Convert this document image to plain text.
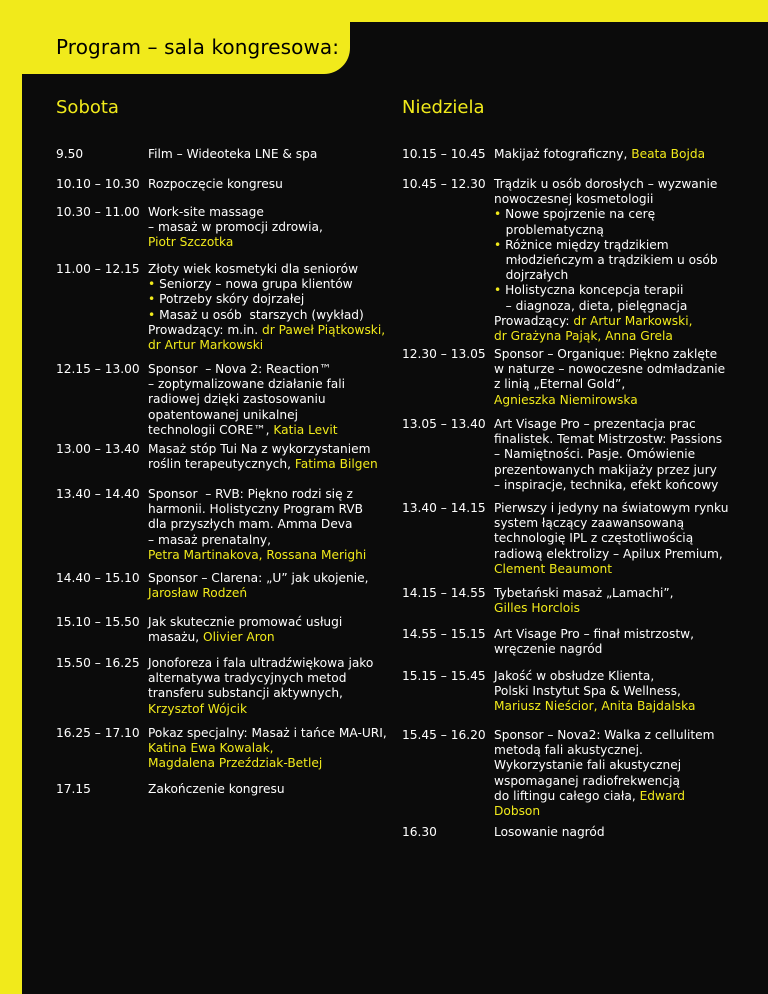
Program – sala kongresowa:
Sobota	Niedziela
9.50	Film – Wideoteka LNE & spa
10.10 – 10.30 Rozpoczęcie kongresu
10.30 – 11.00 Work-site massage
– masaż w promocji zdrowia,
Piotr Szczotka
11.00 – 12.15 Złoty wiek kosmetyki dla seniorów
• Seniorzy – nowa grupa klientów
• Potrzeby skóry dojrzałej
• Masaż u osób  starszych (wykład)
Prowadzący: m.in. dr Paweł Piątkowski,
dr Artur Markowski
12.15 – 13.00 Sponsor  – Nova 2: Reaction™
– zoptymalizowane działanie fali
radiowej dzięki zastosowaniu
opatentowanej unikalnej
technologii CORE™, Katia Levit
13.00 – 13.40 Masaż stóp Tui Na z wykorzystaniem
roślin terapeutycznych, Fatima Bilgen
13.40 – 14.40 Sponsor  – RVB: Piękno rodzi się z
harmonii. Holistyczny Program RVB
dla przyszłych mam. Amma Deva
– masaż prenatalny,
Petra Martinakova, Rossana Merighi
14.40 – 15.10 Sponsor – Clarena: „U” jak ukojenie,
Jarosław Rodzeń
15.10 – 15.50 Jak skutecznie promować usługi
masażu, Olivier Aron
15.50 – 16.25 Jonoforeza i fala ultradźwiękowa jako
alternatywa tradycyjnych metod
transferu substancji aktywnych,
Krzysztof Wójcik
16.25 – 17.10 Pokaz specjalny: Masaż i tańce MA-URI,
Katina Ewa Kowalak,
Magdalena Przeździak-Betlej
17.15	Zakończenie kongresu
10.15 – 10.45 Makijaż fotograficzny, Beata Bojda
10.45 – 12.30 Trądzik u osób dorosłych – wyzwanie
nowoczesnej kosmetologii
• Nowe spojrzenie na cerę
problematyczną
• Różnice między trądzikiem
młodzieńczym a trądzikiem u osób
dojrzałych
• Holistyczna koncepcja terapii
– diagnoza, dieta, pielęgnacja
Prowadzący: dr Artur Markowski,
dr Grażyna Pająk, Anna Grela
12.30 – 13.05 Sponsor – Organique: Piękno zaklęte
w naturze – nowoczesne odmładzanie
z linią „Eternal Gold”,
Agnieszka Niemirowska
13.05 – 13.40 Art Visage Pro – prezentacja prac
finalistek. Temat Mistrzostw: Passions
– Namiętności. Pasje. Omówienie
prezentowanych makijaży przez jury
– inspiracje, technika, efekt końcowy
13.40 – 14.15 Pierwszy i jedyny na światowym rynku
system łączący zaawansowaną
technologię IPL z częstotliwością
radiową elektrolizy – Apilux Premium,
Clement Beaumont
14.15 – 14.55 Tybetański masaż „Lamachi”,
Gilles Horclois
14.55 – 15.15 Art Visage Pro – finał mistrzostw,
wręczenie nagród
15.15 – 15.45 Jakość w obsłudze Klienta,
Polski Instytut Spa & Wellness,
Mariusz Nieścior, Anita Bajdalska
15.45 – 16.20 Sponsor – Nova2: Walka z cellulitem
metodą fali akustycznej.
Wykorzystanie fali akustycznej
wspomaganej radiofrekwencją
do liftingu całego ciała, Edward
Dobson
16.30	Losowanie nagród
